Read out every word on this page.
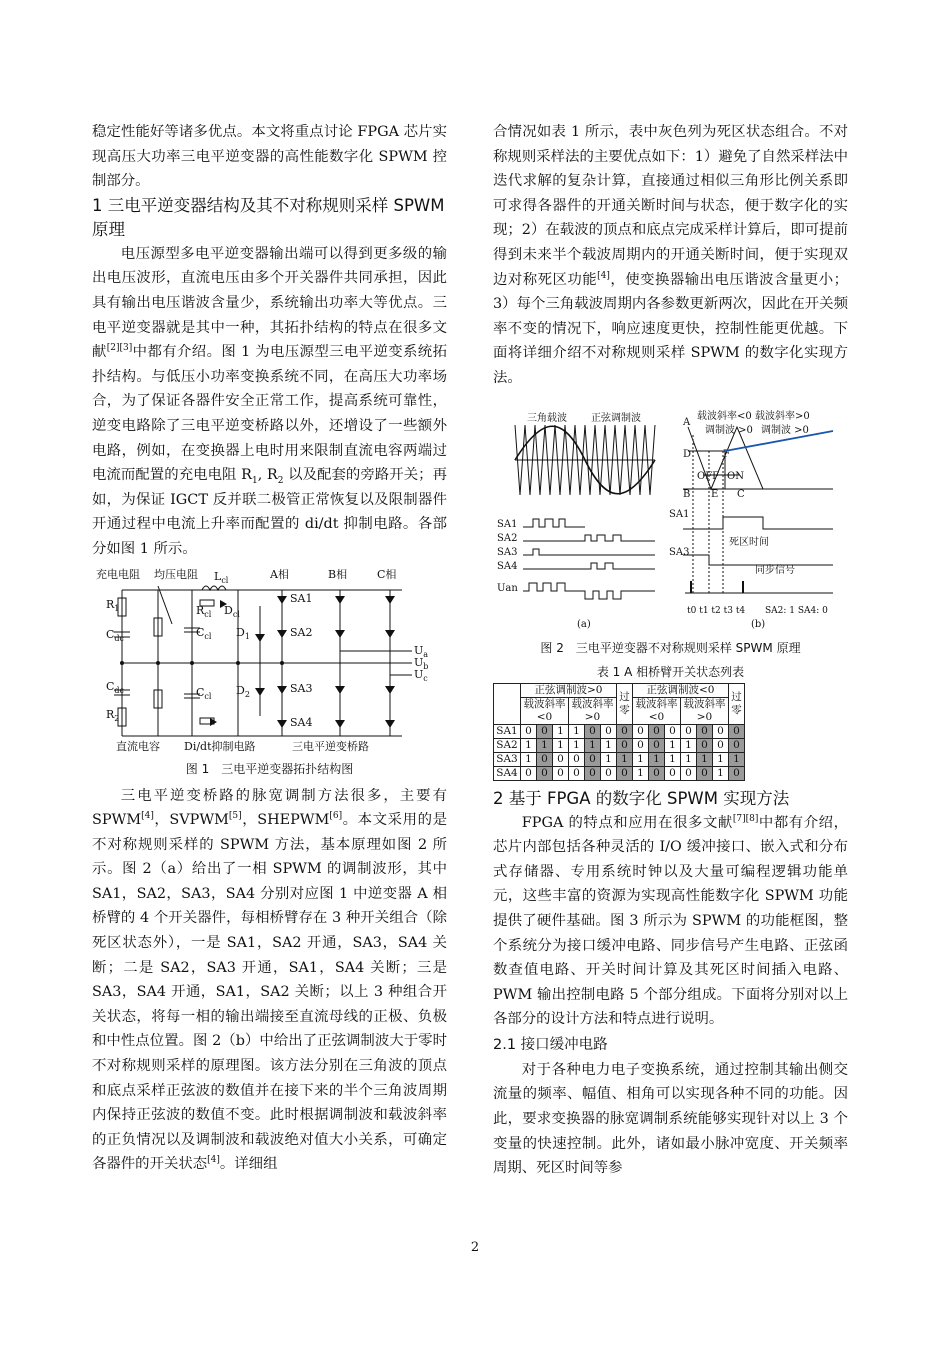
稳定性能好等诸多优点。本文将重点讨论 FPGA 芯片实现高压大功率三电平逆变器的高性能数字化 SPWM 控制部分。

1 三电平逆变器结构及其不对称规则采样 SPWM 原理

电压源型多电平逆变器输出端可以得到更多级的输出电压波形，直流电压由多个开关器件共同承担，因此具有输出电压谐波含量少，系统输出功率大等优点。三电平逆变器就是其中一种，其拓扑结构的特点在很多文献[2][3]中都有介绍。图 1 为电压源型三电平逆变系统拓扑结构。与低压小功率变换系统不同，在高压大功率场合，为了保证各器件安全正常工作，提高系统可靠性，逆变电路除了三电平逆变桥路以外，还增设了一些额外电路，例如，在变换器上电时用来限制直流电容两端过电流而配置的充电电阻 $R_1$, $R_2$ 以及配套的旁路开关；再如，为保证 IGCT 反并联二极管正常恢复以及限制器件开通过程中电流上升率而配置的 di/dt 抑制电路。各部分如图 1 所示。

充电电阻 均压电阻 $L_{cl}$	A相	B相	C相
$R_1$	$R_{cl}$ $D_{cl}$
$C_{dc}$	$C_{cl}$ $D_1$
SA1
SA2
SA3
SA4
$U_a$
$U_b$
$U_c$
$C_{dc}$	$C_{cl}$ $D_2$
$R_2$
直流电容 Di/dt抑制电路	三电平逆变桥路
图 1　三电平逆变器拓扑结构图

三电平逆变桥路的脉宽调制方法很多，主要有 SPWM[4]，SVPWM[5]，SHEPWM[6]。本文采用的是不对称规则采样的 SPWM 方法，基本原理如图 2 所示。图 2（a）给出了一相 SPWM 的调制波形，其中 SA1，SA2，SA3，SA4 分别对应图 1 中逆变器 A 相桥臂的 4 个开关器件，每相桥臂存在 3 种开关组合（除死区状态外），一是 SA1，SA2 开通，SA3，SA4 关断；二是 SA2，SA3 开通，SA1，SA4 关断；三是 SA3，SA4 开通，SA1，SA2 关断；以上 3 种组合开关状态，将每一相的输出端接至直流母线的正极、负极和中性点位置。图 2（b）中给出了正弦调制波大于零时不对称规则采样的原理图。该方法分别在三角波的顶点和底点采样正弦波的数值并在接下来的半个三角波周期内保持正弦波的数值不变。此时根据调制波和载波斜率的正负情况以及调制波和载波绝对值大小关系，可确定各器件的开关状态[4]。详细组

合情况如表 1 所示，表中灰色列为死区状态组合。不对称规则采样法的主要优点如下：1）避免了自然采样法中迭代求解的复杂计算，直接通过相似三角形比例关系即可求得各器件的开通关断时间与状态，便于数字化的实现；2）在载波的顶点和底点完成采样计算后，即可提前得到未来半个载波周期内的开通关断时间，便于实现双边对称死区功能[4]，使变换器输出电压谐波含量更小；3）每个三角载波周期内各参数更新两次，因此在开关频率不变的情况下，响应速度更快，控制性能更优越。下面将详细介绍不对称规则采样 SPWM 的数字化实现方法。

三角载波 正弦调制波
SA1
SA2
SA3
SA4
Uan
(a)
载波斜率<0
调制波 >0
载波斜率>0
调制波 >0
A
D	F
OFF ON
B E C
SA1
SA3
死区时间
同步信号
t0 t1 t2 t3 t4 SA2: 1 SA4: 0
(b)
图 2　三电平逆变器不对称规则采样 SPWM 原理
表 1 A 相桥臂开关状态列表
	正弦调制波>0						过零	正弦调制波<0						过零
	载波斜率<0			载波斜率>0				载波斜率<0			载波斜率>0			
SA1	0	0	1	1	0	0	0	0	0	0	0	0	0	0
SA2	1	1	1	1	1	1	0	0	0	1	1	0	0	0
SA3	1	0	0	0	0	1	1	1	1	1	1	1	1	1
SA4	0	0	0	0	0	0	0	1	0	0	0	0	1	0
2 基于 FPGA 的数字化 SPWM 实现方法

FPGA 的特点和应用在很多文献[7][8]中都有介绍，芯片内部包括各种灵活的 I/O 缓冲接口、嵌入式和分布式存储器、专用系统时钟以及大量可编程逻辑功能单元，这些丰富的资源为实现高性能数字化 SPWM 功能提供了硬件基础。图 3 所示为 SPWM 的功能框图，整个系统分为接口缓冲电路、同步信号产生电路、正弦函数查值电路、开关时间计算及其死区时间插入电路、PWM 输出控制电路 5 个部分组成。下面将分别对以上各部分的设计方法和特点进行说明。

2.1 接口缓冲电路

对于各种电力电子变换系统，通过控制其输出侧交流量的频率、幅值、相角可以实现各种不同的功能。因此，要求变换器的脉宽调制系统能够实现针对以上 3 个变量的快速控制。此外，诸如最小脉冲宽度、开关频率周期、死区时间等参

2
